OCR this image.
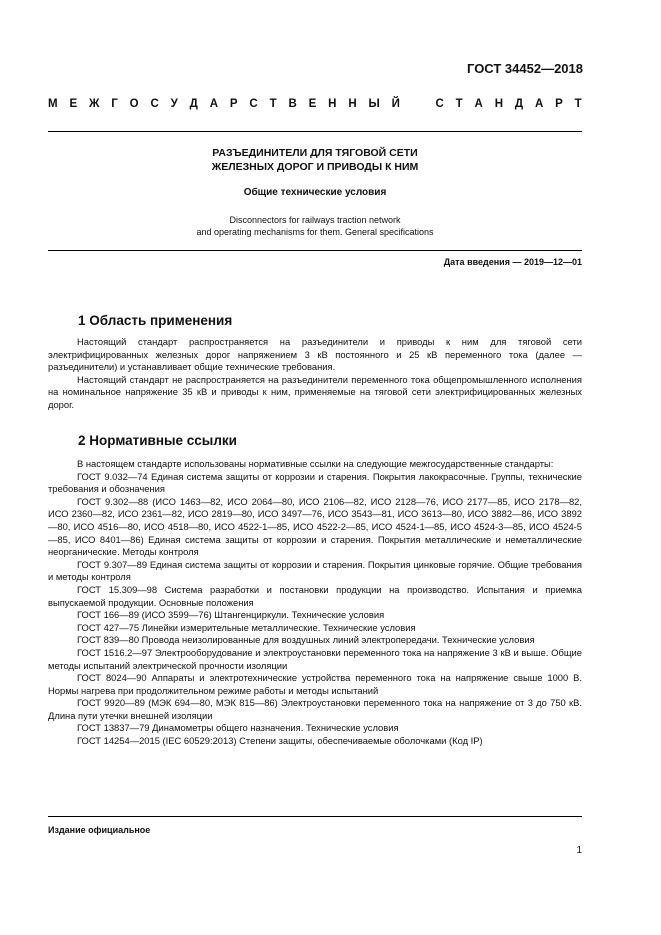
ГОСТ 34452—2018
М Е Ж Г О С У Д А Р С Т В Е Н Н Ы Й	С Т А Н Д А Р Т
РАЗЪЕДИНИТЕЛИ ДЛЯ ТЯГОВОЙ СЕТИ
ЖЕЛЕЗНЫХ ДОРОГ И ПРИВОДЫ К НИМ
Общие технические условия
Disconnectors for railways traction network
and operating mechanisms for them. General specifications
Дата введения — 2019—12—01
1 Область применения

Настоящий стандарт распространяется на разъединители и приводы к ним для тяговой сети электрифицированных железных дорог напряжением 3 кВ постоянного и 25 кВ переменного тока (далее — разъединители) и устанавливает общие технические требования.

Настоящий стандарт не распространяется на разъединители переменного тока общепромышленного исполнения на номинальное напряжение 35 кВ и приводы к ним, применяемые на тяговой сети электрифицированных железных дорог.

2 Нормативные ссылки

В настоящем стандарте использованы нормативные ссылки на следующие межгосударственные стандарты:

ГОСТ 9.032—74 Единая система защиты от коррозии и старения. Покрытия лакокрасочные. Группы, технические требования и обозначения

ГОСТ 9.302—88 (ИСО 1463—82, ИСО 2064—80, ИСО 2106—82, ИСО 2128—76, ИСО 2177—85, ИСО 2178—82, ИСО 2360—82, ИСО 2361—82, ИСО 2819—80, ИСО 3497—76, ИСО 3543—81, ИСО 3613—80, ИСО 3882—86, ИСО 3892—80, ИСО 4516—80, ИСО 4518—80, ИСО 4522-1—85, ИСО 4522-2—85, ИСО 4524-1—85, ИСО 4524-3—85, ИСО 4524-5—85, ИСО 8401—86) Единая система защиты от коррозии и старения. Покрытия металлические и неметаллические неорганические. Методы контроля

ГОСТ 9.307—89 Единая система защиты от коррозии и старения. Покрытия цинковые горячие. Общие требования и методы контроля

ГОСТ 15.309—98 Система разработки и постановки продукции на производство. Испытания и приемка выпускаемой продукции. Основные положения

ГОСТ 166—89 (ИСО 3599—76) Штангенциркули. Технические условия

ГОСТ 427—75 Линейки измерительные металлические. Технические условия

ГОСТ 839—80 Провода неизолированные для воздушных линий электропередачи. Технические условия

ГОСТ 1516.2—97 Электрооборудование и электроустановки переменного тока на напряжение 3 кВ и выше. Общие методы испытаний электрической прочности изоляции

ГОСТ 8024—90 Аппараты и электротехнические устройства переменного тока на напряжение свыше 1000 В. Нормы нагрева при продолжительном режиме работы и методы испытаний

ГОСТ 9920—89 (МЭК 694—80, МЭК 815—86) Электроустановки переменного тока на напряжение от 3 до 750 кВ. Длина пути утечки внешней изоляции

ГОСТ 13837—79 Динамометры общего назначения. Технические условия

ГОСТ 14254—2015 (IEC 60529:2013) Степени защиты, обеспечиваемые оболочками (Код IP)

Издание официальное
1
